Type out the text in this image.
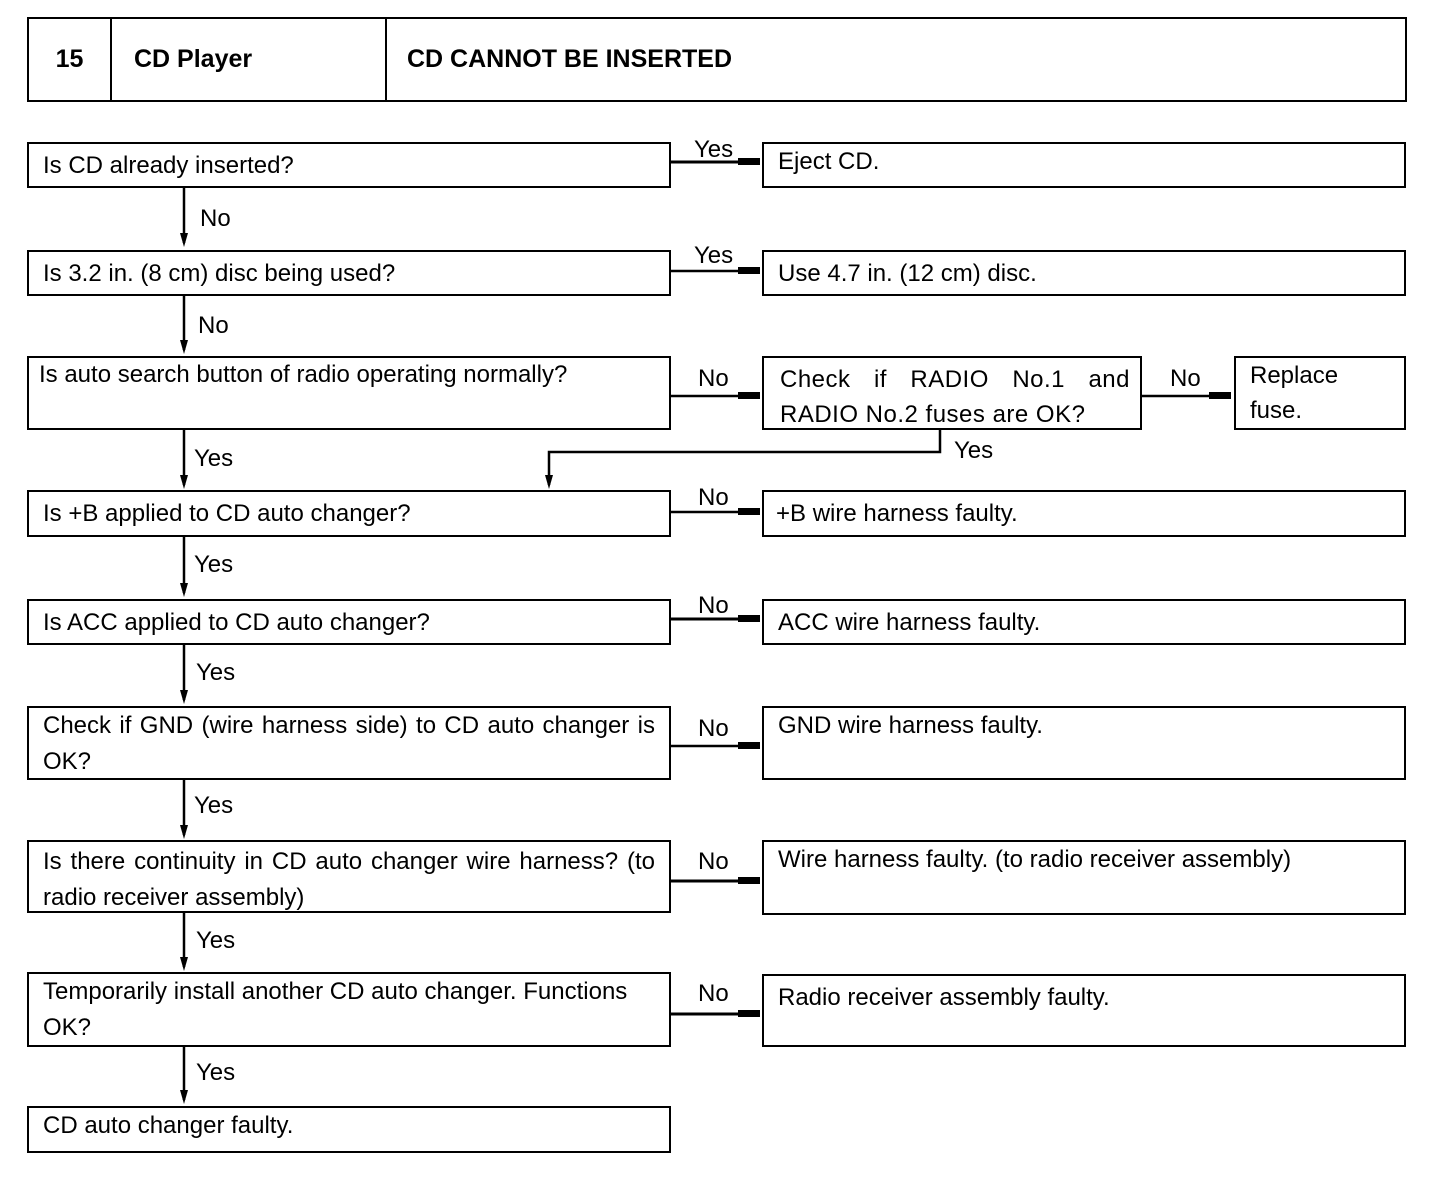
15	CD Player	CD CANNOT BE INSERTED
Is CD already inserted?
Is 3.2 in. (8 cm) disc being used?
Is auto search button of radio operating normally?
Is +B applied to CD auto changer?
Is ACC applied to CD auto changer?
Check if GND (wire harness side) to CD auto changer is OK?
Is there continuity in CD auto changer wire harness? (to radio receiver assembly)
Temporarily install another CD auto changer. Functions OK?
CD auto changer faulty.
Check if RADIO No.1 and RADIO No.2 fuses are OK?
Eject CD.
Use 4.7 in. (12 cm) disc.
Replace fuse.
+B wire harness faulty.
ACC wire harness faulty.
GND wire harness faulty.
Wire harness faulty. (to radio receiver assembly)
Radio receiver assembly faulty.
No
No
Yes
Yes
Yes
Yes
Yes
Yes
Yes
Yes
No	No
Yes
No
No
No
No
No
